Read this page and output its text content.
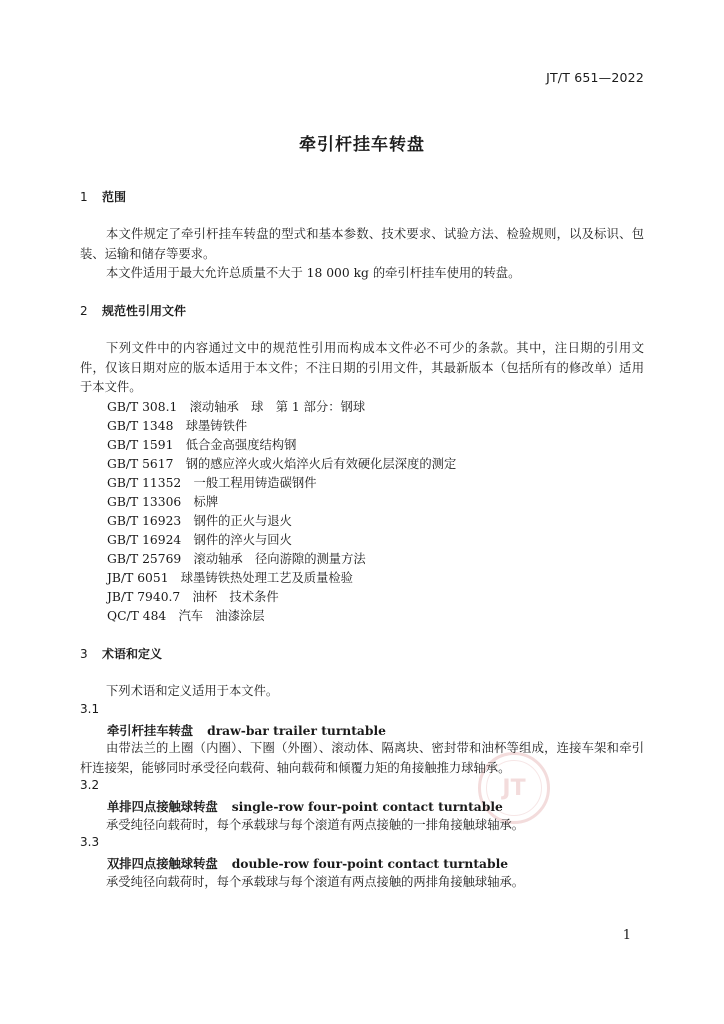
JT/T 651—2022
牵引杆挂车转盘
1 范围
本文件规定了牵引杆挂车转盘的型式和基本参数、技术要求、试验方法、检验规则，以及标识、包装、运输和储存等要求。
本文件适用于最大允许总质量不大于 18 000 kg 的牵引杆挂车使用的转盘。
2 规范性引用文件
下列文件中的内容通过文中的规范性引用而构成本文件必不可少的条款。其中，注日期的引用文件，仅该日期对应的版本适用于本文件；不注日期的引用文件，其最新版本（包括所有的修改单）适用于本文件。
GB/T 308.1　滚动轴承　球　第 1 部分：钢球
GB/T 1348　球墨铸铁件
GB/T 1591　低合金高强度结构钢
GB/T 5617　钢的感应淬火或火焰淬火后有效硬化层深度的测定
GB/T 11352　一般工程用铸造碳钢件
GB/T 13306　标牌
GB/T 16923　钢件的正火与退火
GB/T 16924　钢件的淬火与回火
GB/T 25769　滚动轴承　径向游隙的测量方法
JB/T 6051　球墨铸铁热处理工艺及质量检验
JB/T 7940.7　油杯　技术条件
QC/T 484　汽车　油漆涂层
3 术语和定义
下列术语和定义适用于本文件。
JT
3.1
牵引杆挂车转盘 draw-bar trailer turntable
由带法兰的上圈（内圈）、下圈（外圈）、滚动体、隔离块、密封带和油杯等组成，连接车架和牵引杆连接架，能够同时承受径向载荷、轴向载荷和倾覆力矩的角接触推力球轴承。
3.2
单排四点接触球转盘 single-row four-point contact turntable
承受纯径向载荷时，每个承载球与每个滚道有两点接触的一排角接触球轴承。
3.3
双排四点接触球转盘 double-row four-point contact turntable
承受纯径向载荷时，每个承载球与每个滚道有两点接触的两排角接触球轴承。
1
